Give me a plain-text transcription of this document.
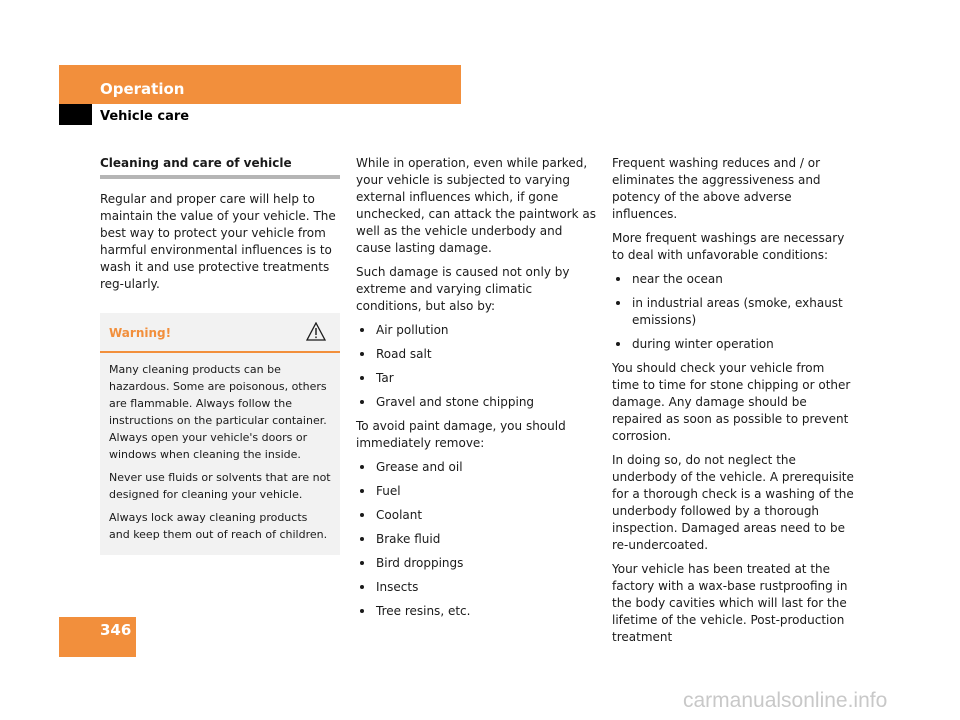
Operation
Vehicle care
Cleaning and care of vehicle

Regular and proper care will help to maintain the value of your vehicle. The best way to protect your vehicle from harmful environmental influences is to wash it and use protective treatments reg-ularly.

Warning!

Many cleaning products can be hazardous. Some are poisonous, others are flammable. Always follow the instructions on the particular container. Always open your vehicle's doors or windows when cleaning the inside.

Never use fluids or solvents that are not designed for cleaning your vehicle.

Always lock away cleaning products and keep them out of reach of children.

While in operation, even while parked, your vehicle is subjected to varying external influences which, if gone unchecked, can attack the paintwork as well as the vehicle underbody and cause lasting damage.

Such damage is caused not only by extreme and varying climatic conditions, but also by:

Air pollution
Road salt
Tar
Gravel and stone chipping

To avoid paint damage, you should immediately remove:

Grease and oil
Fuel
Coolant
Brake fluid
Bird droppings
Insects
Tree resins, etc.

Frequent washing reduces and / or eliminates the aggressiveness and potency of the above adverse influences.

More frequent washings are necessary to deal with unfavorable conditions:

near the ocean
in industrial areas (smoke, exhaust emissions)
during winter operation

You should check your vehicle from time to time for stone chipping or other damage. Any damage should be repaired as soon as possible to prevent corrosion.

In doing so, do not neglect the underbody of the vehicle. A prerequisite for a thorough check is a washing of the underbody followed by a thorough inspection. Damaged areas need to be re-undercoated.

Your vehicle has been treated at the factory with a wax-base rustproofing in the body cavities which will last for the lifetime of the vehicle. Post-production treatment

346
carmanualsonline.info
